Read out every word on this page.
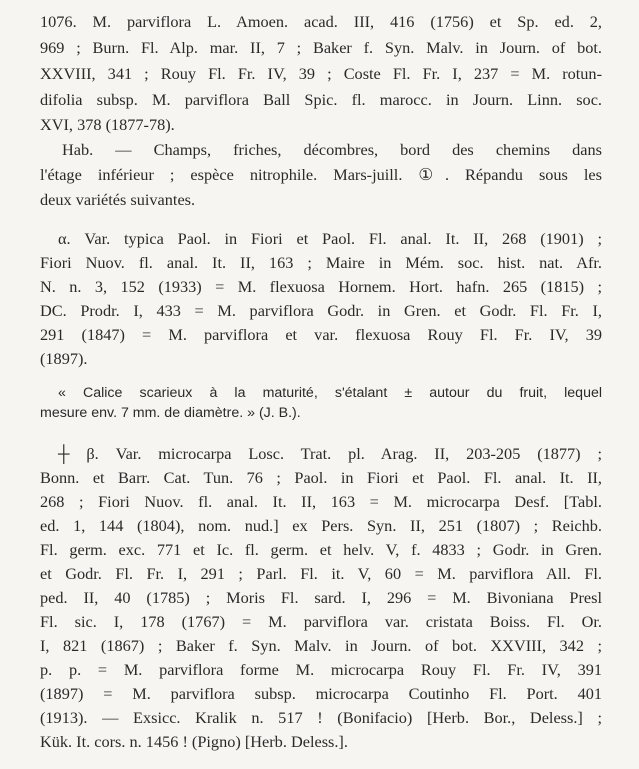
1076. M. parviflora L. Amoen. acad. III, 416 (1756) et Sp. ed. 2,
969 ; Burn. Fl. Alp. mar. II, 7 ; Baker f. Syn. Malv. in Journ. of bot.
XXVIII, 341 ; Rouy Fl. Fr. IV, 39 ; Coste Fl. Fr. I, 237 = M. rotun-
difolia subsp. M. parviflora Ball Spic. fl. marocc. in Journ. Linn. soc.
XVI, 378 (1877-78).
Hab. — Champs, friches, décombres, bord des chemins dans
l'étage inférieur ; espèce nitrophile. Mars-juill. ①. Répandu sous les
deux variétés suivantes.
α. Var. typica Paol. in Fiori et Paol. Fl. anal. It. II, 268 (1901) ;
Fiori Nuov. fl. anal. It. II, 163 ; Maire in Mém. soc. hist. nat. Afr.
N. n. 3, 152 (1933) = M. flexuosa Hornem. Hort. hafn. 265 (1815) ;
DC. Prodr. I, 433 = M. parviflora Godr. in Gren. et Godr. Fl. Fr. I,
291 (1847) = M. parviflora et var. flexuosa Rouy Fl. Fr. IV, 39
(1897).
« Calice scarieux à la maturité, s'étalant ± autour du fruit, lequel
mesure env. 7 mm. de diamètre. » (J. B.).
┼ β. Var. microcarpa Losc. Trat. pl. Arag. II, 203-205 (1877) ;
Bonn. et Barr. Cat. Tun. 76 ; Paol. in Fiori et Paol. Fl. anal. It. II,
268 ; Fiori Nuov. fl. anal. It. II, 163 = M. microcarpa Desf. [Tabl.
ed. 1, 144 (1804), nom. nud.] ex Pers. Syn. II, 251 (1807) ; Reichb.
Fl. germ. exc. 771 et Ic. fl. germ. et helv. V, f. 4833 ; Godr. in Gren.
et Godr. Fl. Fr. I, 291 ; Parl. Fl. it. V, 60 = M. parviflora All. Fl.
ped. II, 40 (1785) ; Moris Fl. sard. I, 296 = M. Bivoniana Presl
Fl. sic. I, 178 (1767) = M. parviflora var. cristata Boiss. Fl. Or.
I, 821 (1867) ; Baker f. Syn. Malv. in Journ. of bot. XXVIII, 342 ;
p. p. = M. parviflora forme M. microcarpa Rouy Fl. Fr. IV, 391
(1897) = M. parviflora subsp. microcarpa Coutinho Fl. Port. 401
(1913). — Exsicc. Kralik n. 517 ! (Bonifacio) [Herb. Bor., Deless.] ;
Kük. It. cors. n. 1456 ! (Pigno) [Herb. Deless.].
